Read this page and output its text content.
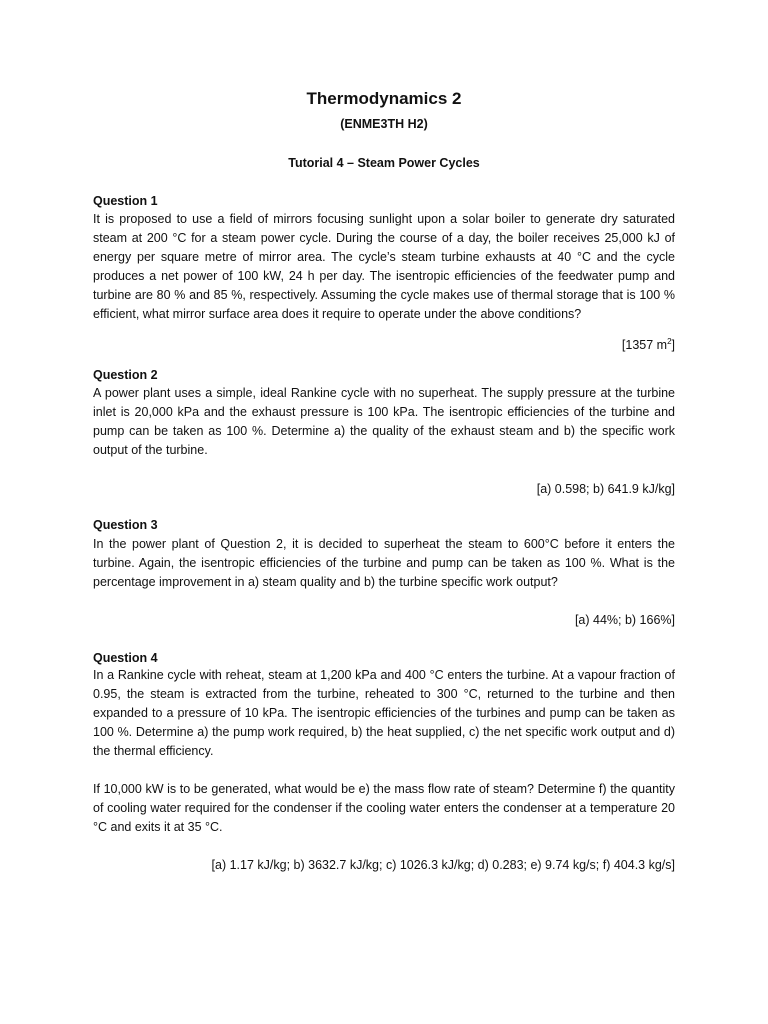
Thermodynamics 2
(ENME3TH H2)
Tutorial 4 – Steam Power Cycles
Question 1

It is proposed to use a field of mirrors focusing sunlight upon a solar boiler to generate dry saturated steam at 200 °C for a steam power cycle. During the course of a day, the boiler receives 25,000 kJ of energy per square metre of mirror area. The cycle’s steam turbine exhausts at 40 °C and the cycle produces a net power of 100 kW, 24 h per day. The isentropic efficiencies of the feedwater pump and turbine are 80 % and 85 %, respectively. Assuming the cycle makes use of thermal storage that is 100 % efficient, what mirror surface area does it require to operate under the above conditions?

[1357 $m^2$]
Question 2

A power plant uses a simple, ideal Rankine cycle with no superheat. The supply pressure at the turbine inlet is 20,000 kPa and the exhaust pressure is 100 kPa. The isentropic efficiencies of the turbine and pump can be taken as 100 %. Determine a) the quality of the exhaust steam and b) the specific work output of the turbine.

[a) 0.598; b) 641.9 kJ/kg]
Question 3

In the power plant of Question 2, it is decided to superheat the steam to 600°C before it enters the turbine. Again, the isentropic efficiencies of the turbine and pump can be taken as 100 %. What is the percentage improvement in a) steam quality and b) the turbine specific work output?

[a) 44%; b) 166%]
Question 4

In a Rankine cycle with reheat, steam at 1,200 kPa and 400 °C enters the turbine. At a vapour fraction of 0.95, the steam is extracted from the turbine, reheated to 300 °C, returned to the turbine and then expanded to a pressure of 10 kPa. The isentropic efficiencies of the turbines and pump can be taken as 100 %. Determine a) the pump work required, b) the heat supplied, c) the net specific work output and d) the thermal efficiency.

If 10,000 kW is to be generated, what would be e) the mass flow rate of steam? Determine f) the quantity of cooling water required for the condenser if the cooling water enters the condenser at a temperature 20 °C and exits it at 35 °C.

[a) 1.17 kJ/kg; b) 3632.7 kJ/kg; c) 1026.3 kJ/kg; d) 0.283; e) 9.74 kg/s; f) 404.3 kg/s]
